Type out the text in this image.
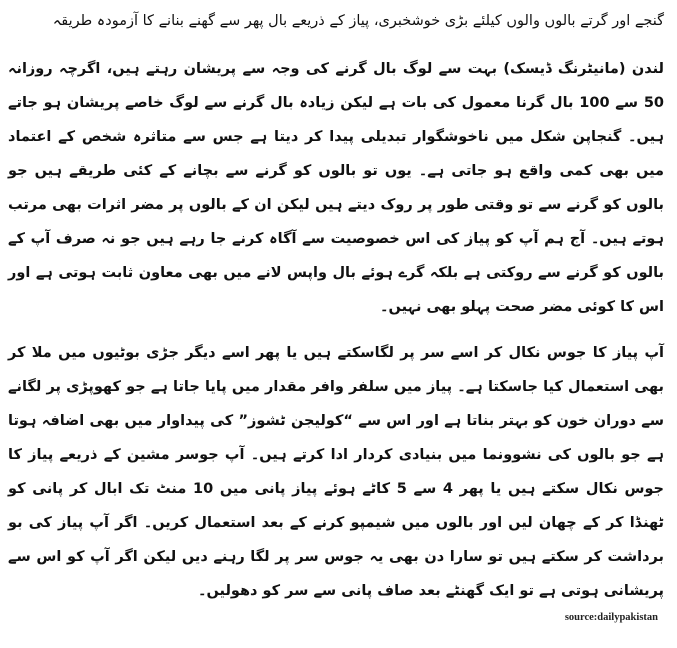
گنجے اور گرتے بالوں والوں کیلئے بڑی خوشخبری، پیاز کے ذریعے بال پھر سے گھنے بنانے کا آزمودہ طریقہ

لندن (مانیٹرنگ ڈیسک) بہت سے لوگ بال گرنے کی وجہ سے پریشان رہتے ہیں، اگرچہ روزانہ 50 سے 100 بال گرنا معمول کی بات ہے لیکن زیادہ بال گرنے سے لوگ خاصے پریشان ہو جاتے ہیں۔ گنجاپن شکل میں ناخوشگوار تبدیلی پیدا کر دیتا ہے جس سے متاثرہ شخص کے اعتماد میں بھی کمی واقع ہو جاتی ہے۔ یوں تو بالوں کو گرنے سے بچانے کے کئی طریقے ہیں جو بالوں کو گرنے سے تو وقتی طور پر روک دیتے ہیں لیکن ان کے بالوں پر مضر اثرات بھی مرتب ہوتے ہیں۔ آج ہم آپ کو پیاز کی اس خصوصیت سے آگاہ کرنے جا رہے ہیں جو نہ صرف آپ کے بالوں کو گرنے سے روکتی ہے بلکہ گرے ہوئے بال واپس لانے میں بھی معاون ثابت ہوتی ہے اور اس کا کوئی مضر صحت پہلو بھی نہیں۔

آپ پیاز کا جوس نکال کر اسے سر پر لگاسکتے ہیں یا پھر اسے دیگر جڑی بوٹیوں میں ملا کر بھی استعمال کیا جاسکتا ہے۔ پیاز میں سلفر وافر مقدار میں پایا جاتا ہے جو کھوپڑی پر لگانے سے دوران خون کو بہتر بناتا ہے اور اس سے “کولیجن ٹشوز” کی پیداوار میں بھی اضافہ ہوتا ہے جو بالوں کی نشوونما میں بنیادی کردار ادا کرتے ہیں۔ آپ جوسر مشین کے ذریعے پیاز کا جوس نکال سکتے ہیں یا پھر 4 سے 5 کاٹے ہوئے پیاز پانی میں 10 منٹ تک ابال کر پانی کو ٹھنڈا کر کے چھان لیں اور بالوں میں شیمپو کرنے کے بعد استعمال کریں۔ اگر آپ پیاز کی بو برداشت کر سکتے ہیں تو سارا دن بھی یہ جوس سر پر لگا رہنے دیں لیکن اگر آپ کو اس سے پریشانی ہوتی ہے تو ایک گھنٹے بعد صاف پانی سے سر کو دھولیں۔

source:dailypakistan
